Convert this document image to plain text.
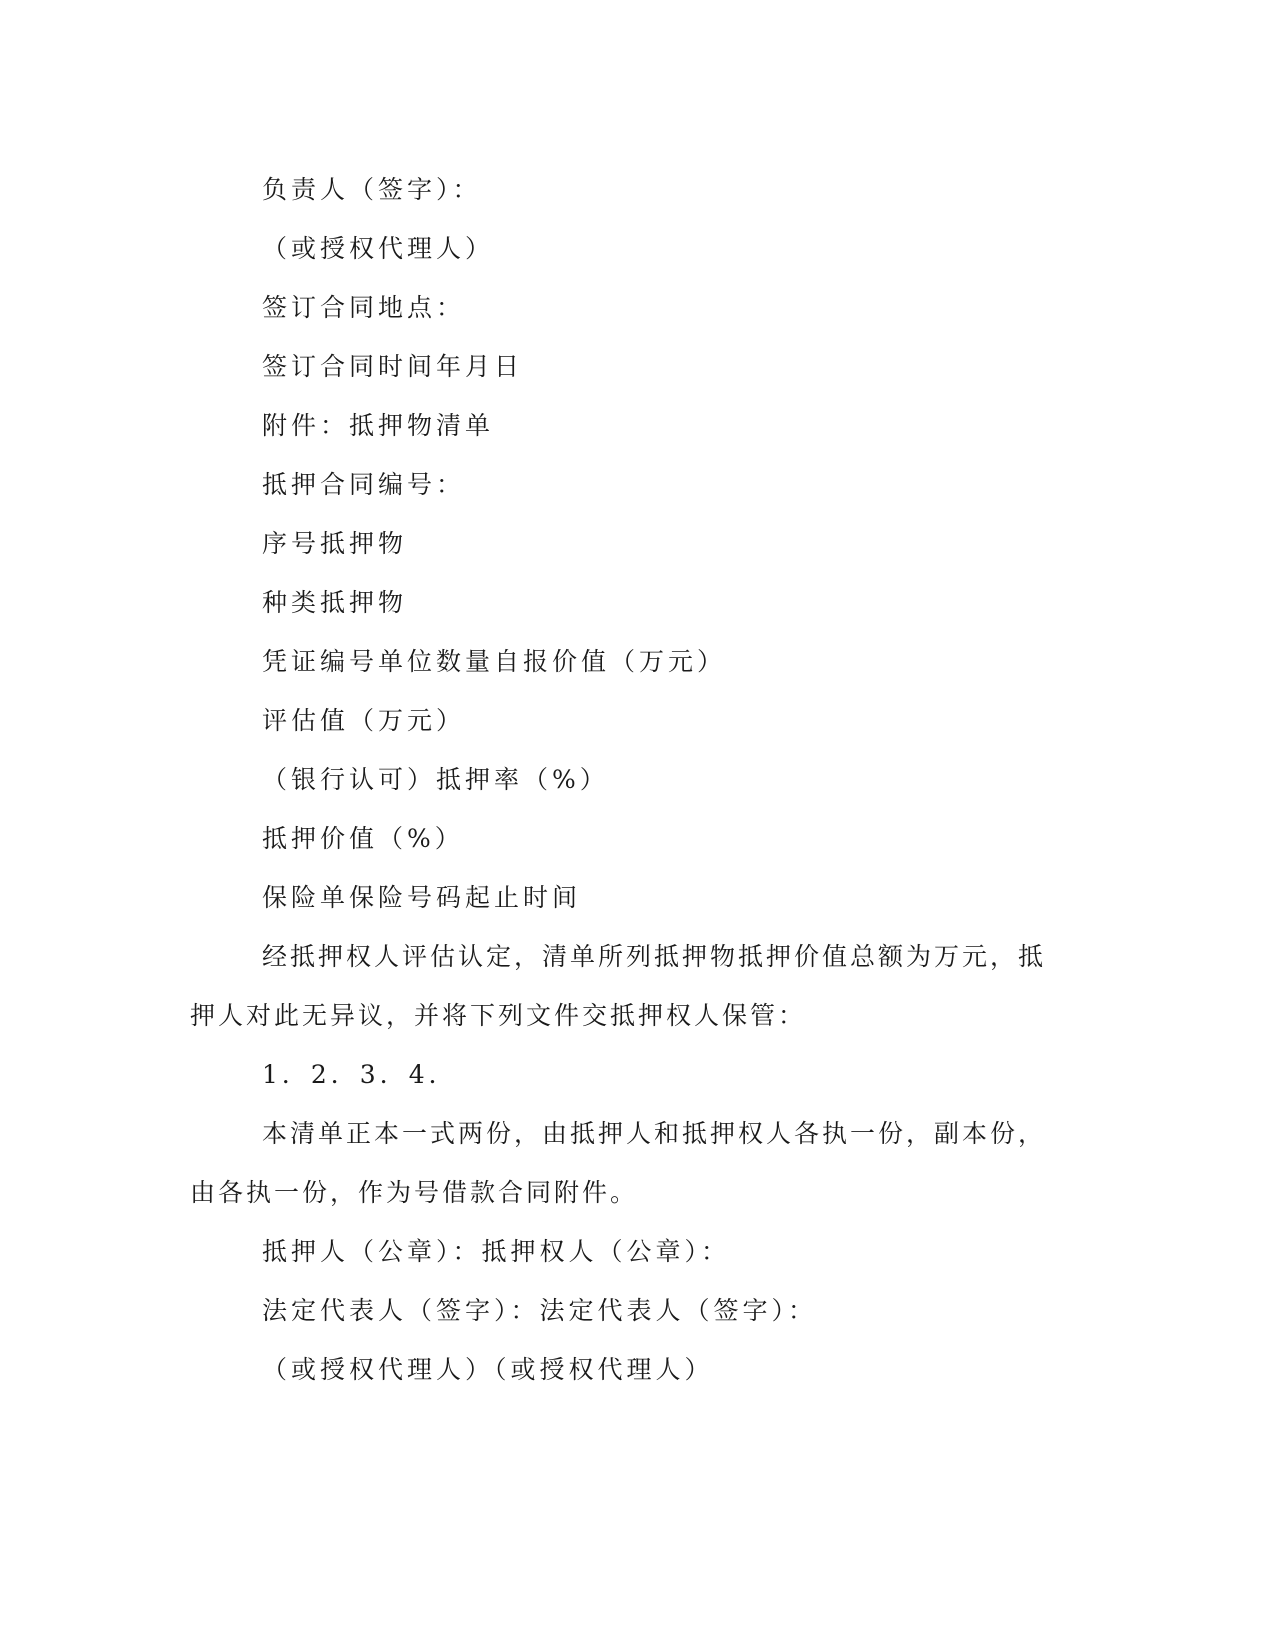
负责人（签字）：

（或授权代理人）

签订合同地点：

签订合同时间年月日

附件：抵押物清单

抵押合同编号：

序号抵押物

种类抵押物

凭证编号单位数量自报价值（万元）

评估值（万元）

（银行认可）抵押率（%）

抵押价值（%）

保险单保险号码起止时间

经抵押权人评估认定，清单所列抵押物抵押价值总额为万元，抵押人对此无异议，并将下列文件交抵押权人保管：

1．2．3．4．

本清单正本一式两份，由抵押人和抵押权人各执一份，副本份，由各执一份，作为号借款合同附件。

抵押人（公章）：抵押权人（公章）：

法定代表人（签字）：法定代表人（签字）：

（或授权代理人）（或授权代理人）
